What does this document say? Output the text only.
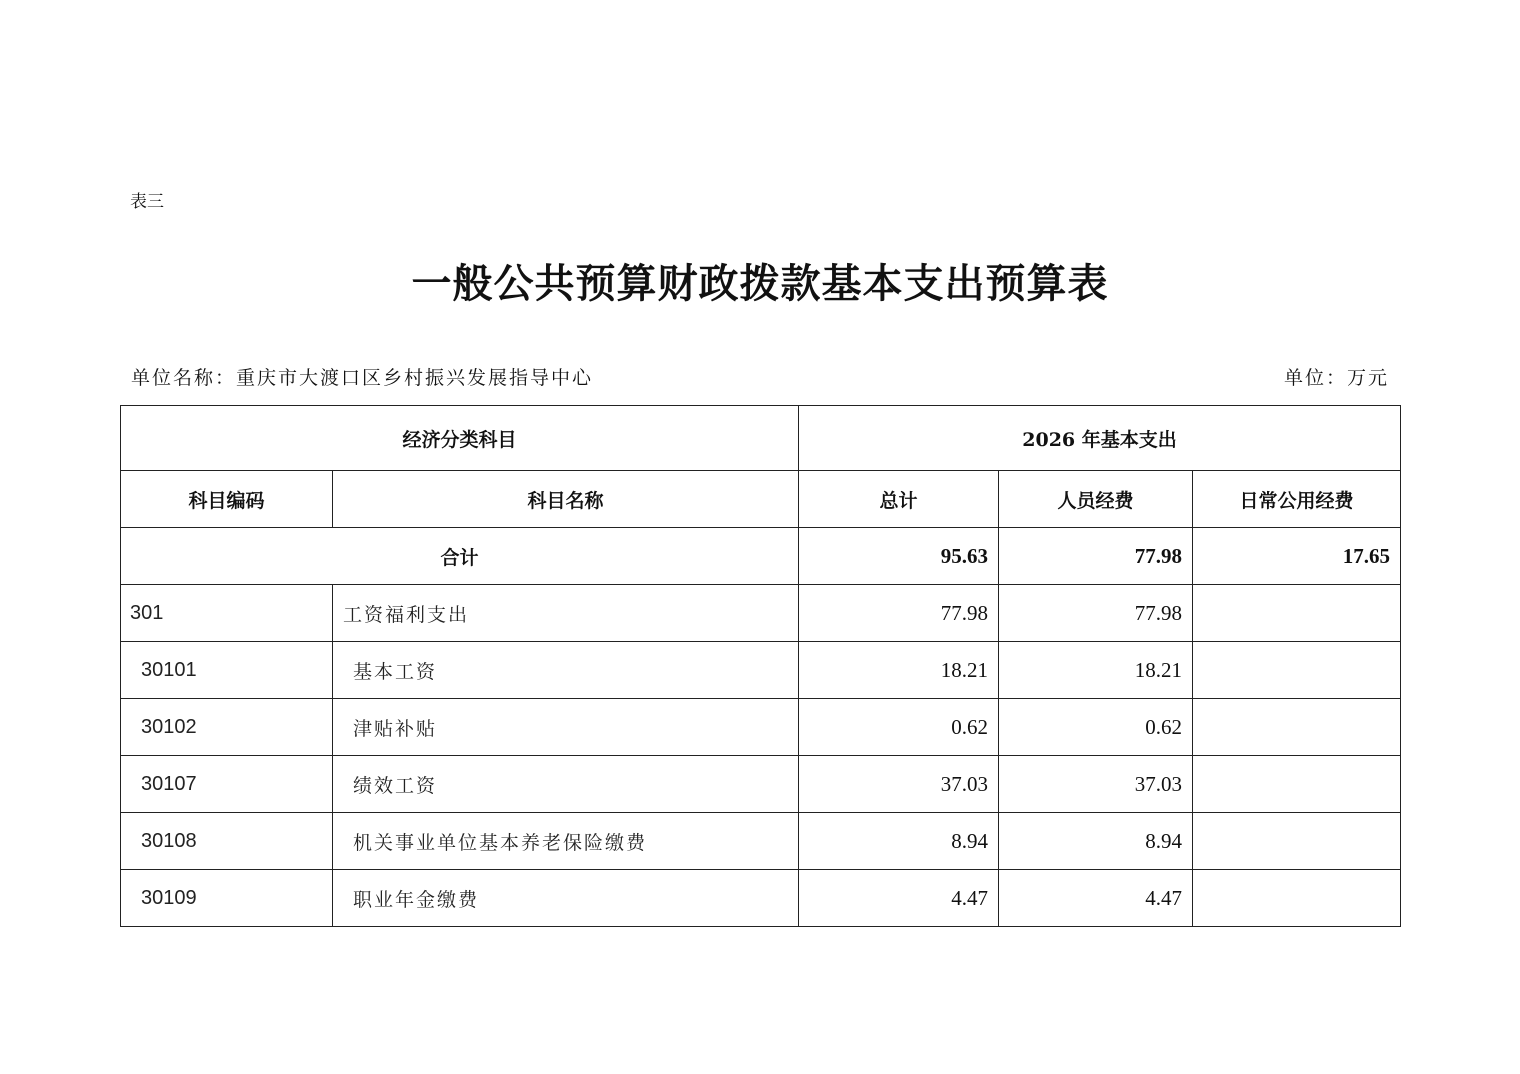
表三
一般公共预算财政拨款基本支出预算表
单位名称：重庆市大渡口区乡村振兴发展指导中心	单位：万元
经济分类科目		2026 年基本支出		
科目编码	科目名称	总计	人员经费	日常公用经费
合计		95.63	77.98	17.65
301	工资福利支出	77.98	77.98	
30101	基本工资	18.21	18.21	
30102	津贴补贴	0.62	0.62	
30107	绩效工资	37.03	37.03	
30108	机关事业单位基本养老保险缴费	8.94	8.94	
30109	职业年金缴费	4.47	4.47	
